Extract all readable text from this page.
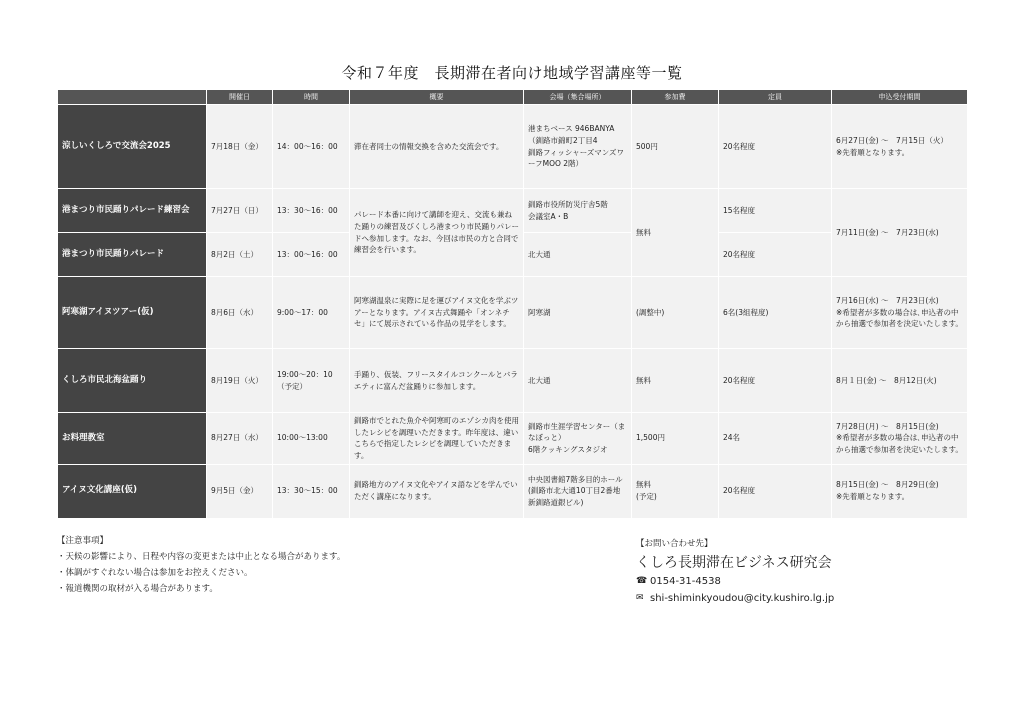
令和７年度　長期滞在者向け地域学習講座等一覧
	開催日	時間	概要	会場（集合場所）	参加費	定員	申込受付期間
涼しいくしろで交流会2025	7月18日（金）	14：00～16：00	滞在者同士の情報交換を含めた交流会です。	港まちベース 946BANYA
（釧路市錦町2丁目4
釧路フィッシャーズマンズワーフMOO 2階）	500円	20名程度	6月27日(金) ～　7月15日（火）
※先着順となります。
港まつり市民踊りパレード練習会	7月27日（日）	13：30～16：00	パレード本番に向けて講師を迎え、交流も兼ねた踊りの練習及びくしろ港まつり市民踊りパレードへ参加します。なお、今回は市民の方と合同で練習会を行います。	釧路市役所防災庁舎5階
会議室A・B	無料	15名程度	7月11日(金) ～　7月23日(水)
港まつり市民踊りパレード	8月2日（土）	13：00～16：00		北大通		20名程度	
阿寒湖アイヌツアー(仮)	8月6日（水）	9:00～17：00	阿寒湖温泉に実際に足を運びアイヌ文化を学ぶツアーとなります。アイヌ古式舞踊や「オンネチセ」にて展示されている作品の見学をします。	阿寒湖	(調整中)	6名(3組程度)	7月16日(水) ～　7月23日(水)
※希望者が多数の場合は､申込者の中から抽選で参加者を決定いたします。
くしろ市民北海盆踊り	8月19日（火）	19:00～20：10
（予定）	手踊り、仮装、フリースタイルコンクールとバラエティに富んだ盆踊りに参加します。	北大通	無料	20名程度	8月１日(金) ～　8月12日(火)
お料理教室	8月27日（水）	10:00～13:00	釧路市でとれた魚介や阿寒町のエゾシカ肉を使用したレシピを調理いただきます。昨年度は、違いこちらで指定したレシピを調理していただきます。	釧路市生涯学習センター（まなぼっと）
6階クッキングスタジオ	1,500円	24名	7月28日(月) ～　8月15日(金)
※希望者が多数の場合は､申込者の中から抽選で参加者を決定いたします。
アイヌ文化講座(仮)	9月5日（金）	13：30～15：00	釧路地方のアイヌ文化やアイヌ語などを学んでいただく講座になります。	中央図書館7階多目的ホール
(釧路市北大通10丁目2番地
新釧路道銀ビル)	無料
(予定)	20名程度	8月15日(金) ～　8月29日(金)
※先着順となります。
【注意事項】
・天候の影響により、日程や内容の変更または中止となる場合があります。
・体調がすぐれない場合は参加をお控えください。
・報道機関の取材が入る場合があります。
【お問い合わせ先】
くしろ長期滞在ビジネス研究会
☎ 0154-31-4538
✉ shi-shiminkyoudou@city.kushiro.lg.jp
